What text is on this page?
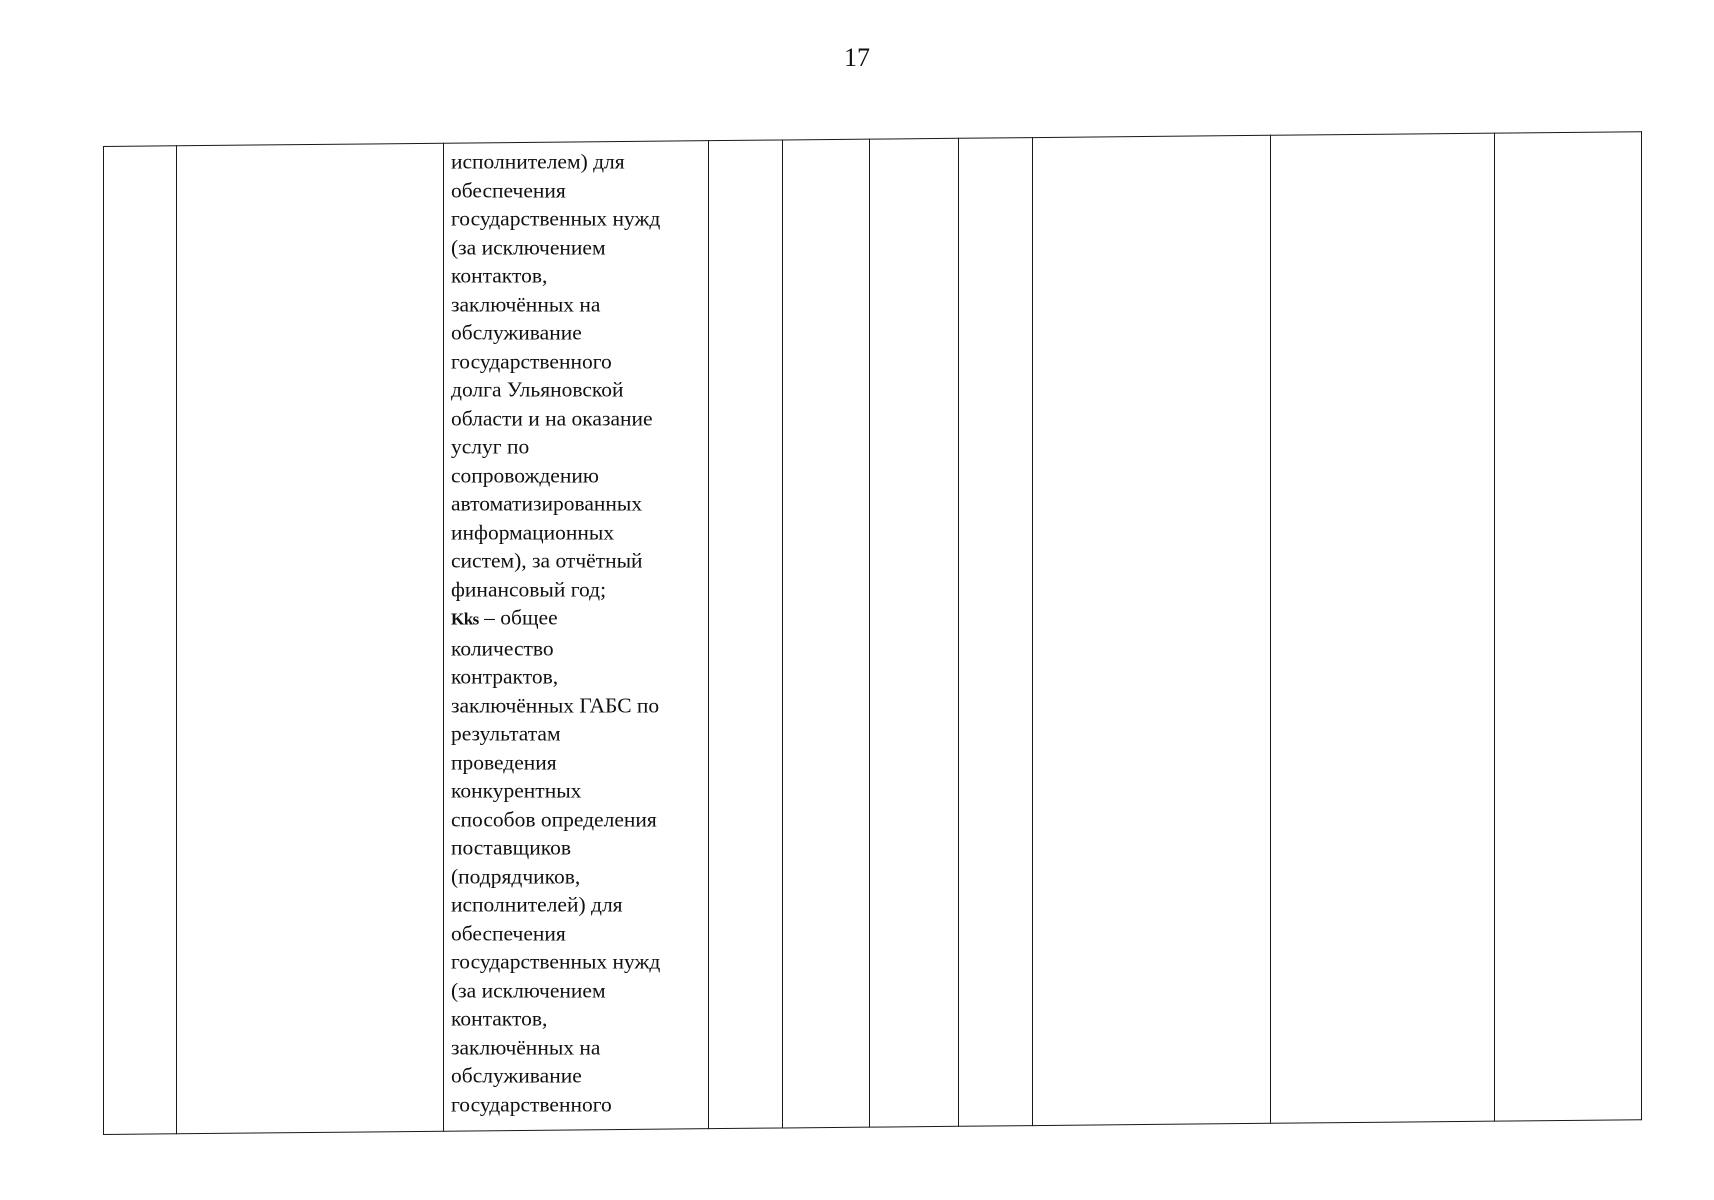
17

исполнителем) для
обеспечения
государственных нужд
(за исключением
контактов,
заключённых на
обслуживание
государственного
долга Ульяновской
области и на оказание
услуг по
сопровождению
автоматизированных
информационных
систем), за отчётный
финансовый год;
Kks – общее
количество
контрактов,
заключённых ГАБС по
результатам
проведения
конкурентных
способов определения
поставщиков
(подрядчиков,
исполнителей) для
обеспечения
государственных нужд
(за исключением
контактов,
заключённых на
обслуживание
государственного
